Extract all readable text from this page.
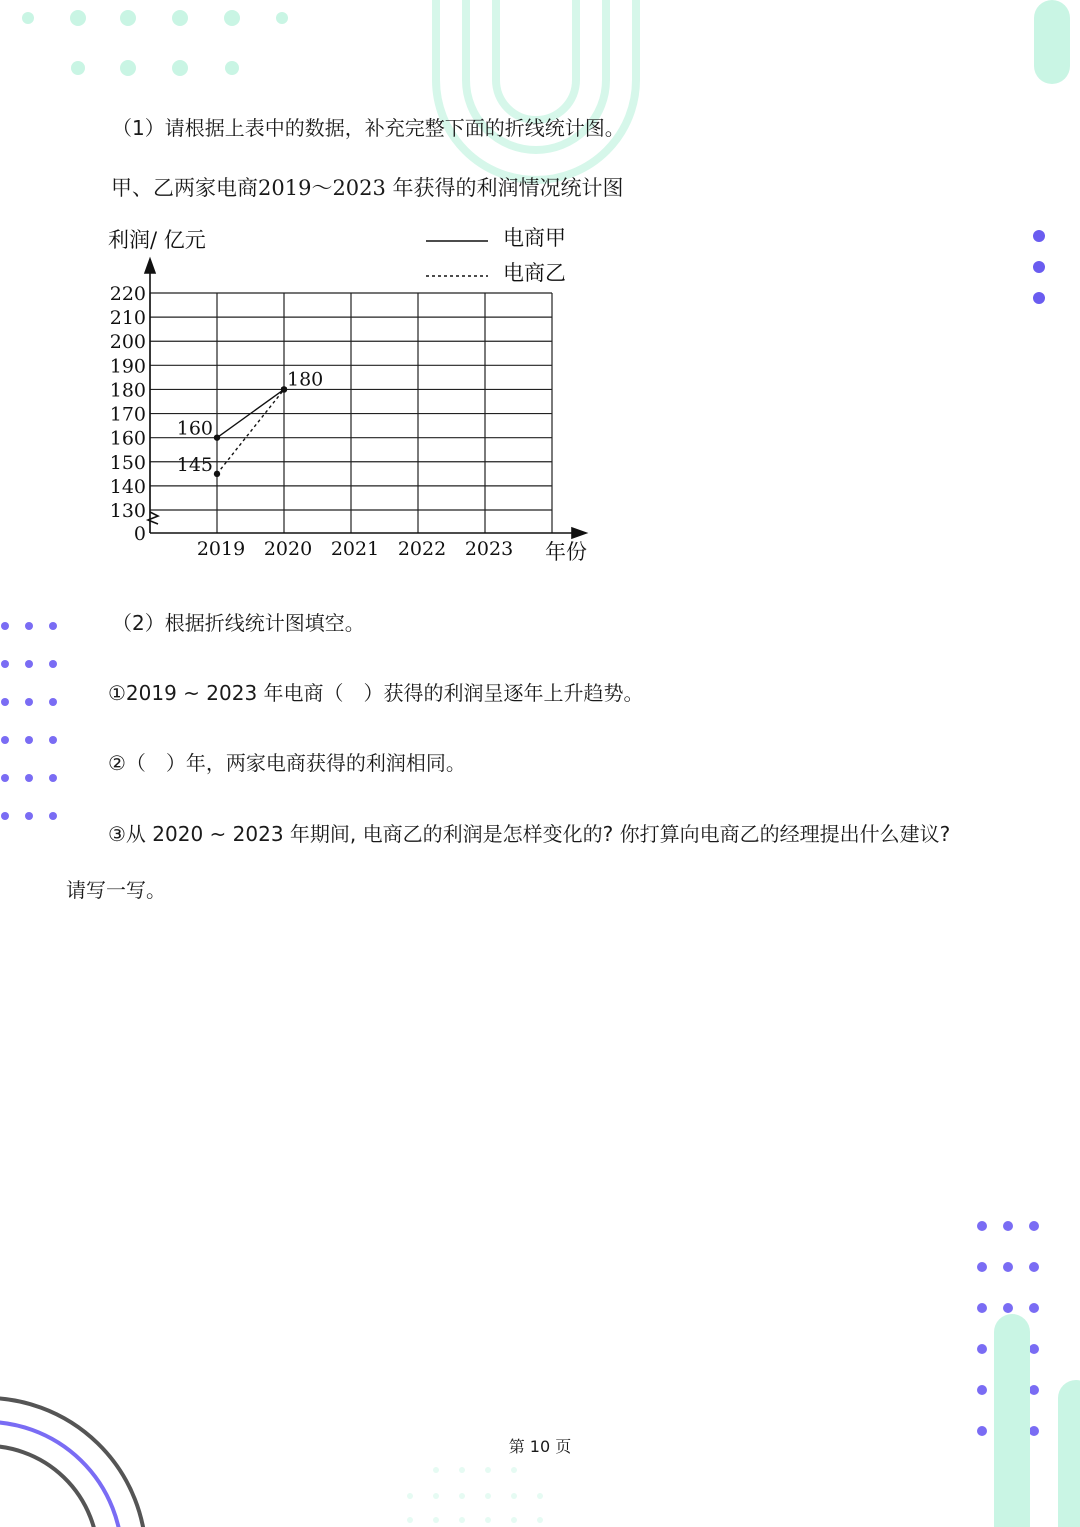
（1）请根据上表中的数据，补充完整下面的折线统计图。
甲、乙两家电商2019～2023 年获得的利润情况统计图
0
130
140
150
160
170
180
190
200
210
220
2019 2020 2021 2022 2023
160
145
180
电商甲
电商乙
利润/ 亿元
年份
（2）根据折线统计图填空。
①2019 ~ 2023 年电商（　）获得的利润呈逐年上升趋势。
②（　）年，两家电商获得的利润相同。
③从 2020 ~ 2023 年期间, 电商乙的利润是怎样变化的? 你打算向电商乙的经理提出什么建议?
请写一写。
第 10 页
